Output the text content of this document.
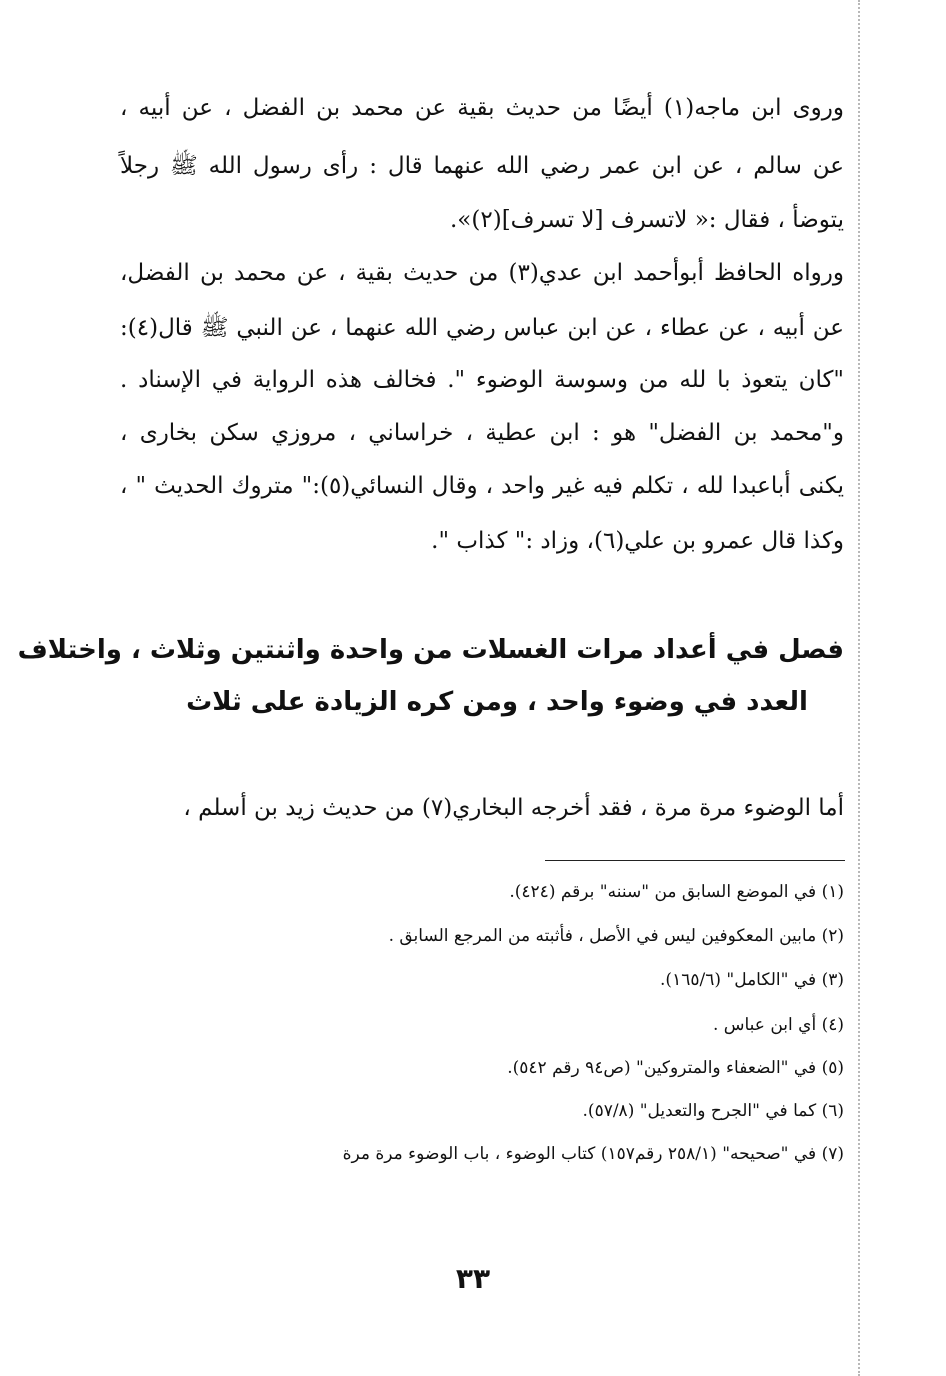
وروى ابن ماجه(١) أيضًا من حديث بقية عن محمد بن الفضل ، عن أبيه ،
عن سالم ، عن ابن عمر رضي الله عنهما قال : رأى رسول الله ﷺ رجلاً
يتوضأ ، فقال :« لاتسرف [لا تسرف](٢)».
ورواه الحافظ أبوأحمد ابن عدي(٣) من حديث بقية ، عن محمد بن الفضل،
عن أبيه ، عن عطاء ، عن ابن عباس رضي الله عنهما ، عن النبي ﷺ قال(٤):
"كان يتعوذ با لله من وسوسة الوضوء ". فخالف هذه الرواية في الإسناد .
و"محمد بن الفضل" هو : ابن عطية ، خراساني ، مروزي سكن بخارى ،
يكنى أباعبدا لله ، تكلم فيه غير واحد ، وقال النسائي(٥):" متروك الحديث " ،
وكذا قال عمرو بن علي(٦)، وزاد :" كذاب ".
فصل في أعداد مرات الغسلات من واحدة واثنتين وثلاث ، واختلاف
العدد في وضوء واحد ، ومن كره الزيادة على ثلاث
أما الوضوء مرة مرة ، فقد أخرجه البخاري(٧) من حديث زيد بن أسلم ،
(١) في الموضع السابق من "سننه" برقم (٤٢٤).
(٢) مابين المعكوفين ليس في الأصل ، فأثبته من المرجع السابق .
(٣) في "الكامل" (١٦٥/٦).
(٤) أي ابن عباس .
(٥) في "الضعفاء والمتروكين" (ص٩٤ رقم ٥٤٢).
(٦) كما في "الجرح والتعديل" (٥٧/٨).
(٧) في "صحيحه" (٢٥٨/١ رقم١٥٧) كتاب الوضوء ، باب الوضوء مرة مرة
٣٣
